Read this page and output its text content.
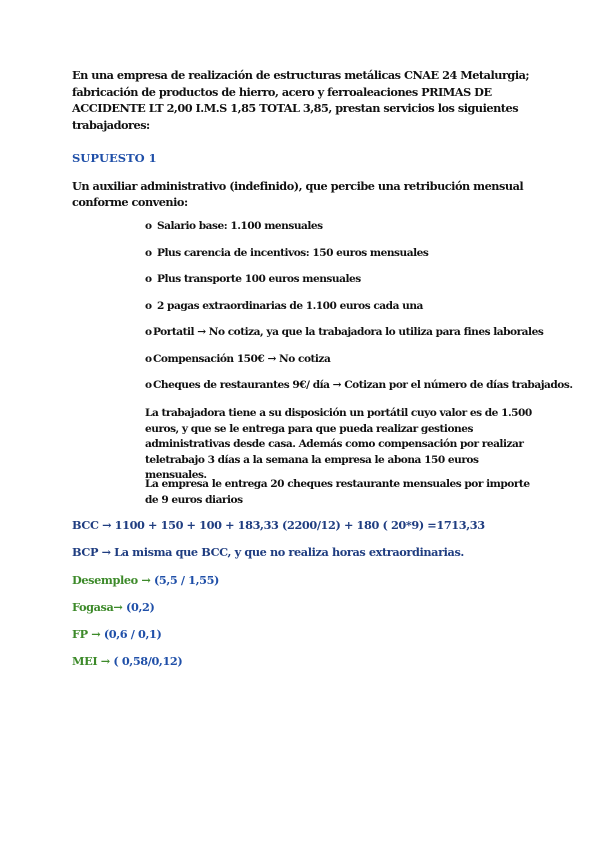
En una empresa de realización de estructuras metálicas CNAE 24 Metalurgia; fabricación de productos de hierro, acero y ferroaleaciones PRIMAS DE ACCIDENTE LT 2,00 I.M.S 1,85 TOTAL 3,85, prestan servicios los siguientes trabajadores:

SUPUESTO 1

Un auxiliar administrativo (indefinido), que percibe una retribución mensual conforme convenio:

o Salario base: 1.100 mensuales
o Plus carencia de incentivos: 150 euros mensuales
o Plus transporte 100 euros mensuales
o 2 pagas extraordinarias de 1.100 euros cada una
oPortatil → No cotiza, ya que la trabajadora lo utiliza para fines laborales
oCompensación 150€ → No cotiza
oCheques de restaurantes 9€/ día → Cotizan por el número de días trabajados.

La trabajadora tiene a su disposición un portátil cuyo valor es de 1.500 euros, y que se le entrega para que pueda realizar gestiones administrativas desde casa. Además como compensación por realizar teletrabajo 3 días a la semana la empresa le abona 150 euros mensuales.

La empresa le entrega 20 cheques restaurante mensuales por importe de 9 euros diarios

BCC → 1100 + 150 + 100 + 183,33 (2200/12) + 180 ( 20*9) =1713,33
BCP → La misma que BCC, y que no realiza horas extraordinarias.
Desempleo → (5,5 / 1,55)
Fogasa→ (0,2)
FP → (0,6 / 0,1)
MEI → ( 0,58/0,12)
